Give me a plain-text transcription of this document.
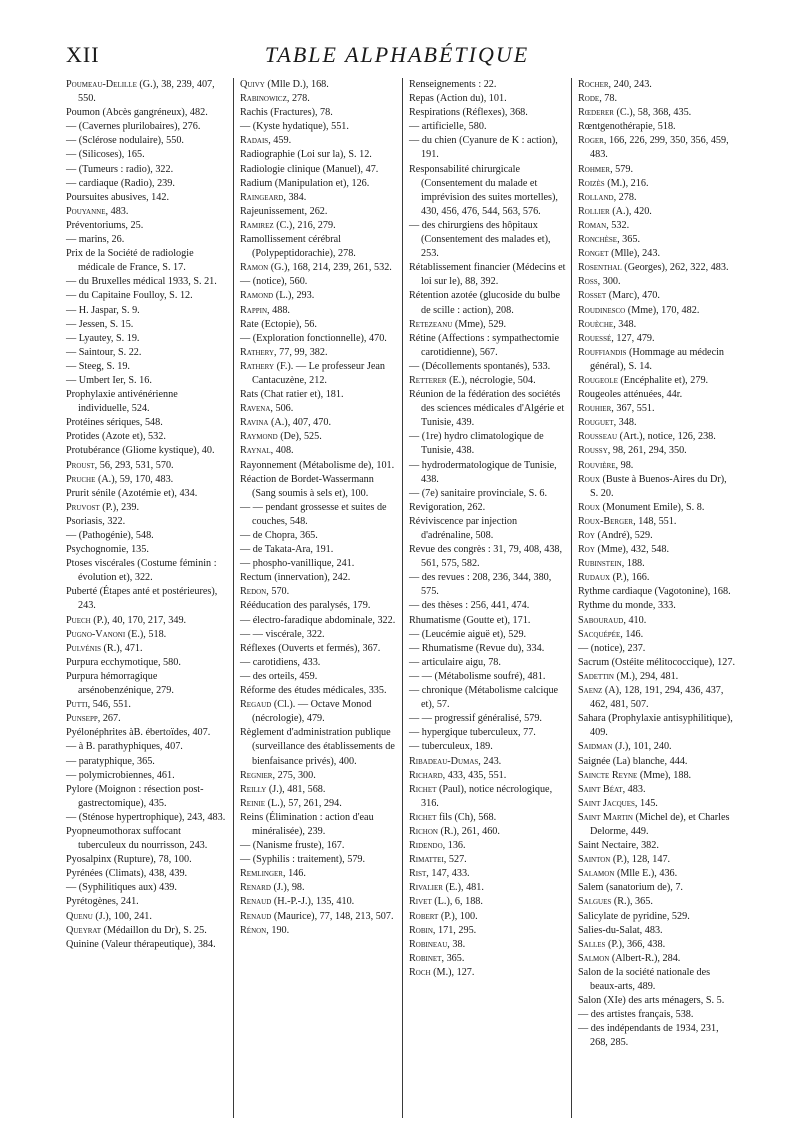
XII	TABLE ALPHABÉTIQUE
Poumeau-Delille (G.), 38, 239, 407, 550.
Poumon (Abcès gangréneux), 482.
— (Cavernes plurilobaires), 276.
— (Sclérose nodulaire), 550.
— (Silicoses), 165.
— (Tumeurs : radio), 322.
— cardiaque (Radio), 239.
Poursuites abusives, 142.
Pouyanne, 483.
Préventoriums, 25.
— marins, 26.
Prix de la Société de radiologie médicale de France, S. 17.
— du Bruxelles médical 1933, S. 21.
— du Capitaine Foulloy, S. 12.
— H. Jaspar, S. 9.
— Jessen, S. 15.
— Lyautey, S. 19.
— Saintour, S. 22.
— Steeg, S. 19.
— Umbert Ier, S. 16.
Prophylaxie antivénérienne individuelle, 524.
Protéines sériques, 548.
Protides (Azote et), 532.
Protubérance (Gliome kystique), 40.
Proust, 56, 293, 531, 570.
Pruche (A.), 59, 170, 483.
Prurit sénile (Azotémie et), 434.
Pruvost (P.), 239.
Psoriasis, 322.
— (Pathogénie), 548.
Psychognomie, 135.
Ptoses viscérales (Costume féminin : évolution et), 322.
Puberté (Étapes anté et postérieures), 243.
Puech (P.), 40, 170, 217, 349.
Pugno-Vanoni (E.), 518.
Pulvénis (R.), 471.
Purpura ecchymotique, 580.
Purpura hémorragique arsénobenzénique, 279.
Putti, 546, 551.
Punsepp, 267.
Pyélonéphrites àB. ébertoïdes, 407.
— à B. parathyphiques, 407.
— paratyphique, 365.
— polymicrobiennes, 461.
Pylore (Moignon : résection post-gastrectomique), 435.
— (Sténose hypertrophique), 243, 483.
Pyopneumothorax suffocant tuberculeux du nourrisson, 243.
Pyosalpinx (Rupture), 78, 100.
Pyrénées (Climats), 438, 439.
— (Syphilitiques aux) 439.
Pyrétogènes, 241.
Quenu (J.), 100, 241.
Queyrat (Médaillon du Dr), S. 25.
Quinine (Valeur thérapeutique), 384.
Quivy (Mlle D.), 168.
Rabinowicz, 278.
Rachis (Fractures), 78.
— (Kyste hydatique), 551.
Radais, 459.
Radiographie (Loi sur la), S. 12.
Radiologie clinique (Manuel), 47.
Radium (Manipulation et), 126.
Raingeard, 384.
Rajeunissement, 262.
Ramirez (C.), 216, 279.
Ramollissement cérébral (Polypeptidorachie), 278.
Ramon (G.), 168, 214, 239, 261, 532.
— (notice), 560.
Ramond (L.), 293.
Rappin, 488.
Rate (Ectopie), 56.
— (Exploration fonctionnelle), 470.
Rathery, 77, 99, 382.
Rathery (F.). — Le professeur Jean Cantacuzène, 212.
Rats (Chat ratier et), 181.
Ravena, 506.
Ravina (A.), 407, 470.
Raymond (De), 525.
Raynal, 408.
Rayonnement (Métabolisme de), 101.
Réaction de Bordet-Wassermann (Sang soumis à sels et), 100.
— — pendant grossesse et suites de couches, 548.
— de Chopra, 365.
— de Takata-Ara, 191.
— phospho-vanillique, 241.
Rectum (innervation), 242.
Redon, 570.
Rééducation des paralysés, 179.
— électro-faradique abdominale, 322.
— — viscérale, 322.
Réflexes (Ouverts et fermés), 367.
— carotidiens, 433.
— des orteils, 459.
Réforme des études médicales, 335.
Regaud (Cl.). — Octave Monod (nécrologie), 479.
Règlement d'administration publique (surveillance des établissements de bienfaisance privés), 400.
Regnier, 275, 300.
Reilly (J.), 481, 568.
Reinie (L.), 57, 261, 294.
Reins (Élimination : action d'eau minéralisée), 239.
— (Nanisme fruste), 167.
— (Syphilis : traitement), 579.
Remlinger, 146.
Renard (J.), 98.
Renaud (H.-P.-J.), 135, 410.
Renaud (Maurice), 77, 148, 213, 507.
Rénon, 190.
Renseignements : 22.
Repas (Action du), 101.
Respirations (Réflexes), 368.
— artificielle, 580.
— du chien (Cyanure de K : action), 191.
Responsabilité chirurgicale (Consentement du malade et imprévision des suites mortelles), 430, 456, 476, 544, 563, 576.
— des chirurgiens des hôpitaux (Consentement des malades et), 253.
Rétablissement financier (Médecins et loi sur le), 88, 392.
Rétention azotée (glucoside du bulbe de scille : action), 208.
Retezeanu (Mme), 529.
Rétine (Affections : sympathectomie carotidienne), 567.
— (Décollements spontanés), 533.
Retterer (E.), nécrologie, 504.
Réunion de la fédération des sociétés des sciences médicales d'Algérie et Tunisie, 439.
— (1re) hydro climatologique de Tunisie, 438.
— hydrodermatologique de Tunisie, 438.
— (7e) sanitaire provinciale, S. 6.
Revigoration, 262.
Réviviscence par injection d'adrénaline, 508.
Revue des congrès : 31, 79, 408, 438, 561, 575, 582.
— des revues : 208, 236, 344, 380, 575.
— des thèses : 256, 441, 474.
Rhumatisme (Goutte et), 171.
— (Leucémie aiguë et), 529.
— Rhumatisme (Revue du), 334.
— articulaire aigu, 78.
— — (Métabolisme soufré), 481.
— chronique (Métabolisme calcique et), 57.
— — progressif généralisé, 579.
— hypergique tuberculeux, 77.
— tuberculeux, 189.
Ribadeau-Dumas, 243.
Richard, 433, 435, 551.
Richet (Paul), notice nécrologique, 316.
Richet fils (Ch), 568.
Richon (R.), 261, 460.
Ridendo, 136.
Rimattei, 527.
Rist, 147, 433.
Rivalier (E.), 481.
Rivet (L.), 6, 188.
Robert (P.), 100.
Robin, 171, 295.
Robineau, 38.
Robinet, 365.
Roch (M.), 127.
Rocher, 240, 243.
Rode, 78.
Rœderer (C.), 58, 368, 435.
Rœntgenothérapie, 518.
Roger, 166, 226, 299, 350, 356, 459, 483.
Rohmer, 579.
Roizès (M.), 216.
Rolland, 278.
Rollier (A.), 420.
Roman, 532.
Ronchèse, 365.
Ronget (Mlle), 243.
Rosenthal (Georges), 262, 322, 483.
Ross, 300.
Rosset (Marc), 470.
Roudinesco (Mme), 170, 482.
Rouèche, 348.
Rouessé, 127, 479.
Rouffiandis (Hommage au médecin général), S. 14.
Rougeole (Encéphalite et), 279.
Rougeoles atténuées, 44r.
Rouhier, 367, 551.
Rouguet, 348.
Rousseau (Art.), notice, 126, 238.
Roussy, 98, 261, 294, 350.
Rouvière, 98.
Roux (Buste à Buenos-Aires du Dr), S. 20.
Roux (Monument Emile), S. 8.
Roux-Berger, 148, 551.
Roy (André), 529.
Roy (Mme), 432, 548.
Rubinstein, 188.
Rudaux (P.), 166.
Rythme cardiaque (Vagotonine), 168.
Rythme du monde, 333.
Sabouraud, 410.
Sacquépée, 146.
— (notice), 237.
Sacrum (Ostéite mélitococcique), 127.
Sadettin (M.), 294, 481.
Saenz (A), 128, 191, 294, 436, 437, 462, 481, 507.
Sahara (Prophylaxie antisyphilitique), 409.
Saidman (J.), 101, 240.
Saignée (La) blanche, 444.
Saincte Reyne (Mme), 188.
Saint Béat, 483.
Saint Jacques, 145.
Saint Martin (Michel de), et Charles Delorme, 449.
Saint Nectaire, 382.
Sainton (P.), 128, 147.
Salamon (Mlle E.), 436.
Salem (sanatorium de), 7.
Salgues (R.), 365.
Salicylate de pyridine, 529.
Salies-du-Salat, 483.
Salles (P.), 366, 438.
Salmon (Albert-R.), 284.
Salon de la société nationale des beaux-arts, 489.
Salon (XIe) des arts ménagers, S. 5.
— des artistes français, 538.
— des indépendants de 1934, 231, 268, 285.
